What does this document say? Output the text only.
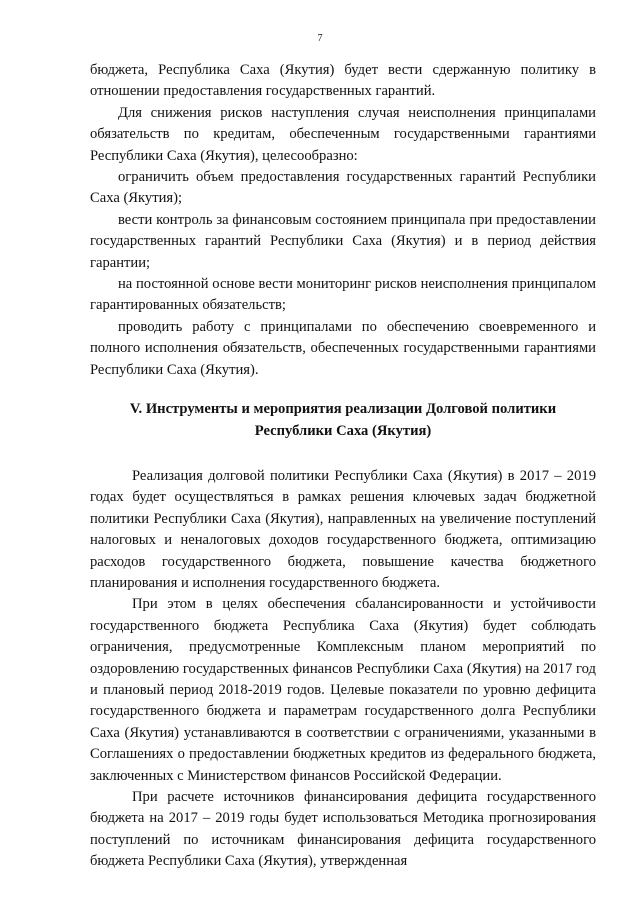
7

бюджета, Республика Саха (Якутия) будет вести сдержанную политику в отношении предоставления государственных гарантий.

Для снижения рисков наступления случая неисполнения принципалами обязательств по кредитам, обеспеченным государственными гарантиями Республики Саха (Якутия), целесообразно:

ограничить объем предоставления государственных гарантий Республики Саха (Якутия);

вести контроль за финансовым состоянием принципала при предоставлении государственных гарантий Республики Саха (Якутия) и в период действия гарантии;

на постоянной основе вести мониторинг рисков неисполнения принципалом гарантированных обязательств;

проводить работу с принципалами по обеспечению своевременного и полного исполнения обязательств, обеспеченных государственными гарантиями Республики Саха (Якутия).

V. Инструменты и мероприятия реализации Долговой политики

Республики Саха (Якутия)

Реализация долговой политики Республики Саха (Якутия) в 2017 – 2019 годах будет осуществляться в рамках решения ключевых задач бюджетной политики Республики Саха (Якутия), направленных на увеличение поступлений налоговых и неналоговых доходов государственного бюджета, оптимизацию расходов государственного бюджета, повышение качества бюджетного планирования и исполнения государственного бюджета.

При этом в целях обеспечения сбалансированности и устойчивости государственного бюджета Республика Саха (Якутия) будет соблюдать ограничения, предусмотренные Комплексным планом мероприятий по оздоровлению государственных финансов Республики Саха (Якутия) на 2017 год и плановый период 2018-2019 годов. Целевые показатели по уровню дефицита государственного бюджета и параметрам государственного долга Республики Саха (Якутия) устанавливаются в соответствии с ограничениями, указанными в Соглашениях о предоставлении бюджетных кредитов из федерального бюджета, заключенных с Министерством финансов Российской Федерации.

При расчете источников финансирования дефицита государственного бюджета на 2017 – 2019 годы будет использоваться Методика прогнозирования поступлений по источникам финансирования дефицита государственного бюджета Республики Саха (Якутия), утвержденная
